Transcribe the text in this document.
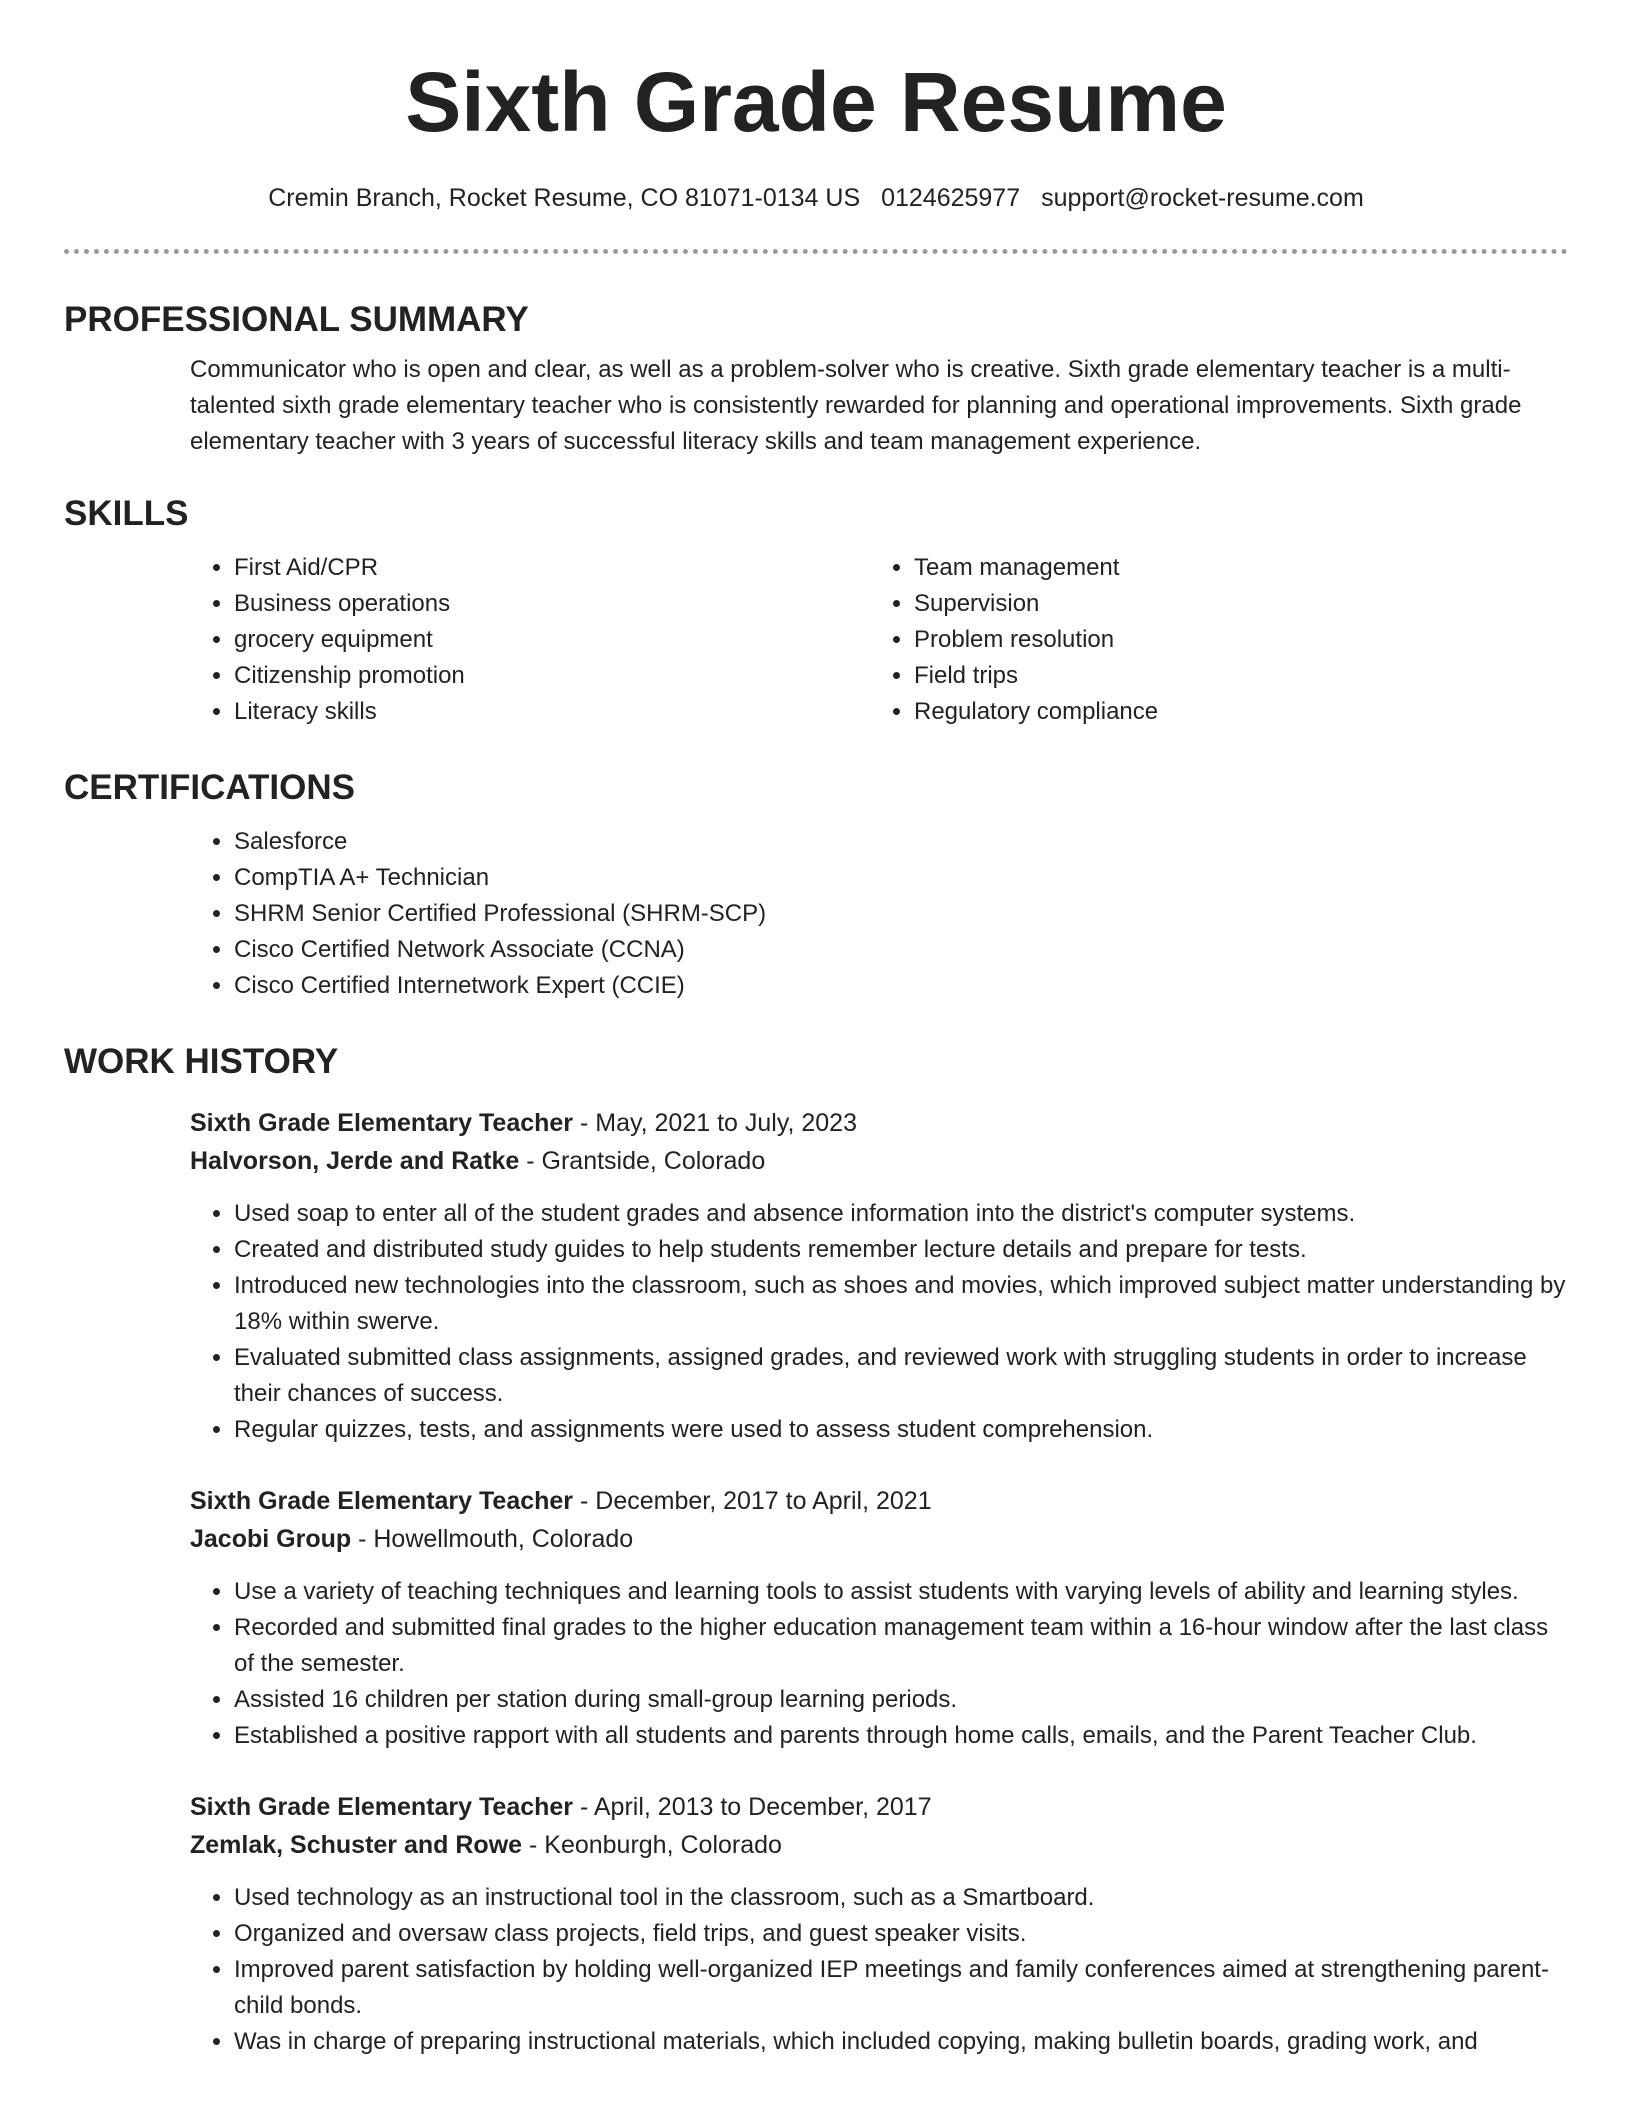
Sixth Grade Resume
Cremin Branch, Rocket Resume, CO 81071-0134 US 0124625977 support@rocket-resume.com
PROFESSIONAL SUMMARY

Communicator who is open and clear, as well as a problem-solver who is creative. Sixth grade elementary teacher is a multi-talented sixth grade elementary teacher who is consistently rewarded for planning and operational improvements. Sixth grade elementary teacher with 3 years of successful literacy skills and team management experience.

SKILLS
• First Aid/CPR
• Business operations
• grocery equipment
• Citizenship promotion
• Literacy skills
• Team management
• Supervision
• Problem resolution
• Field trips
• Regulatory compliance
CERTIFICATIONS
• Salesforce
• CompTIA A+ Technician
• SHRM Senior Certified Professional (SHRM-SCP)
• Cisco Certified Network Associate (CCNA)
• Cisco Certified Internetwork Expert (CCIE)
WORK HISTORY
Sixth Grade Elementary Teacher - May, 2021 to July, 2023
Halvorson, Jerde and Ratke - Grantside, Colorado
• Used soap to enter all of the student grades and absence information into the district's computer systems.
• Created and distributed study guides to help students remember lecture details and prepare for tests.
• Introduced new technologies into the classroom, such as shoes and movies, which improved subject matter understanding by 18% within swerve.
• Evaluated submitted class assignments, assigned grades, and reviewed work with struggling students in order to increase their chances of success.
• Regular quizzes, tests, and assignments were used to assess student comprehension.
Sixth Grade Elementary Teacher - December, 2017 to April, 2021
Jacobi Group - Howellmouth, Colorado
• Use a variety of teaching techniques and learning tools to assist students with varying levels of ability and learning styles.
• Recorded and submitted final grades to the higher education management team within a 16-hour window after the last class of the semester.
• Assisted 16 children per station during small-group learning periods.
• Established a positive rapport with all students and parents through home calls, emails, and the Parent Teacher Club.
Sixth Grade Elementary Teacher - April, 2013 to December, 2017
Zemlak, Schuster and Rowe - Keonburgh, Colorado
• Used technology as an instructional tool in the classroom, such as a Smartboard.
• Organized and oversaw class projects, field trips, and guest speaker visits.
• Improved parent satisfaction by holding well-organized IEP meetings and family conferences aimed at strengthening parent-child bonds.
• Was in charge of preparing instructional materials, which included copying, making bulletin boards, grading work, and
